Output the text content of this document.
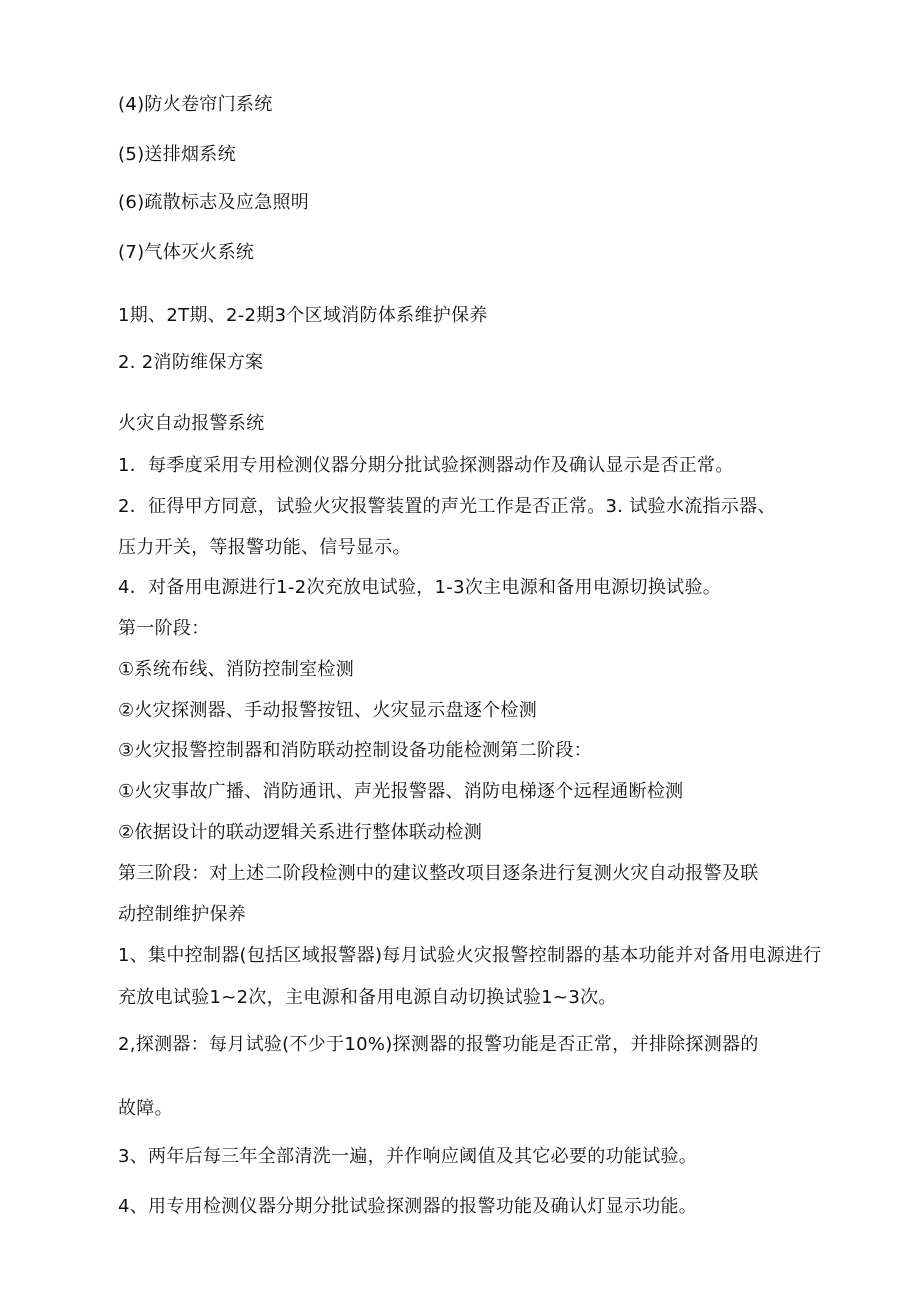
(4)防火卷帘门系统
(5)送排烟系统
(6)疏散标志及应急照明
(7)气体灭火系统
1期、2T期、2-2期3个区域消防体系维护保养
2. 2消防维保方案
火灾自动报警系统
1．每季度采用专用检测仪器分期分批试验探测器动作及确认显示是否正常。
2．征得甲方同意，试验火灾报警装置的声光工作是否正常。3. 试验水流指示器、
压力开关，等报警功能、信号显示。
4．对备用电源进行1-2次充放电试验，1-3次主电源和备用电源切换试验。
第一阶段：
①系统布线、消防控制室检测
②火灾探测器、手动报警按钮、火灾显示盘逐个检测
③火灾报警控制器和消防联动控制设备功能检测第二阶段：
①火灾事故广播、消防通讯、声光报警器、消防电梯逐个远程通断检测
②依据设计的联动逻辑关系进行整体联动检测
第三阶段：对上述二阶段检测中的建议整改项目逐条进行复测火灾自动报警及联
动控制维护保养
1、集中控制器(包括区域报警器)每月试验火灾报警控制器的基本功能并对备用电源进行
充放电试验1~2次，主电源和备用电源自动切换试验1~3次。
2,探测器：每月试验(不少于10%)探测器的报警功能是否正常，并排除探测器的
故障。
3、两年后每三年全部清洗一遍，并作响应阈值及其它必要的功能试验。
4、用专用检测仪器分期分批试验探测器的报警功能及确认灯显示功能。
